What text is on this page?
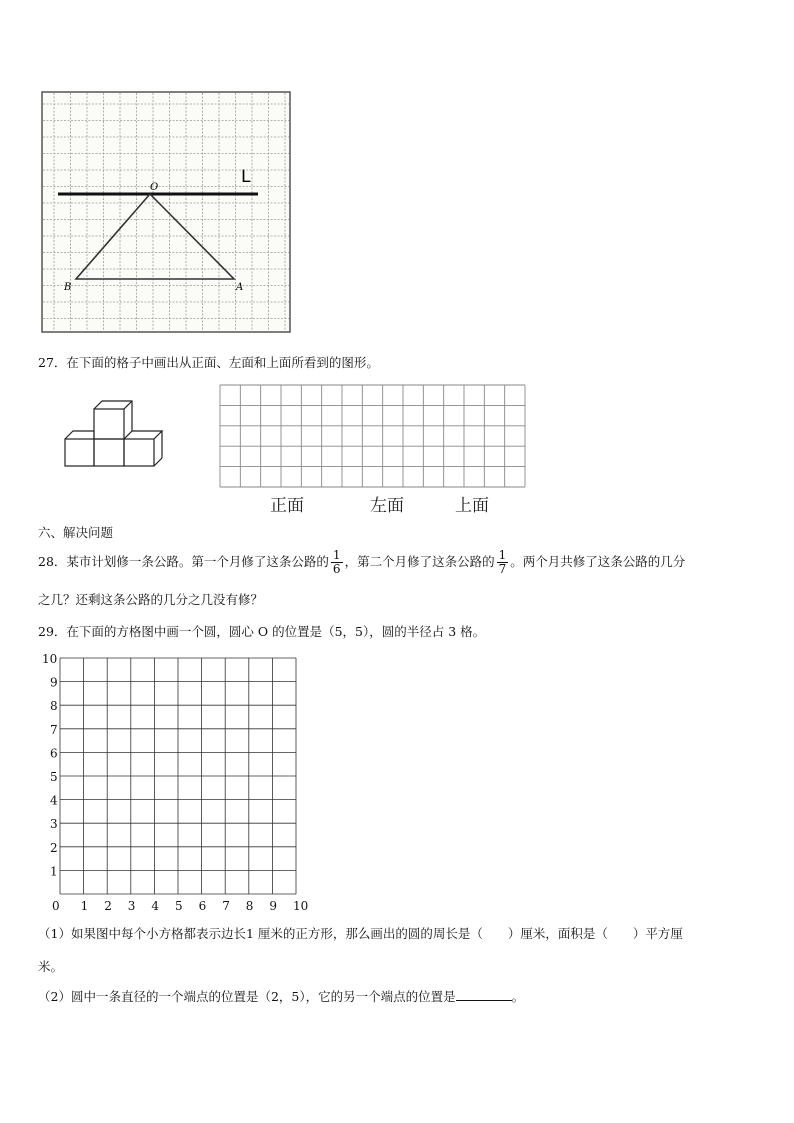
O
L
B	A
27．在下面的格子中画出从正面、左面和上面所看到的图形。
正面	左面	上面
六、解决问题
28．某市计划修一条公路。第一个月修了这条公路的 $\frac{1}{6}$ ，第二个月修了这条公路的 $\frac{1}{7}$ 。两个月共修了这条公路的几分
之几？还剩这条公路的几分之几没有修？
29．在下面的方格图中画一个圆，圆心 O 的位置是（5，5），圆的半径占 3 格。
0 1 2 3 4 5 6 7 8 9 10
1
2
3
4
5
6
7
8
9
10
（1）如果图中每个小方格都表示边长1 厘米的正方形，那么画出的圆的周长是（　　）厘米，面积是（　　）平方厘
米。
（2）圆中一条直径的一个端点的位置是（2，5），它的另一个端点的位置是	。
